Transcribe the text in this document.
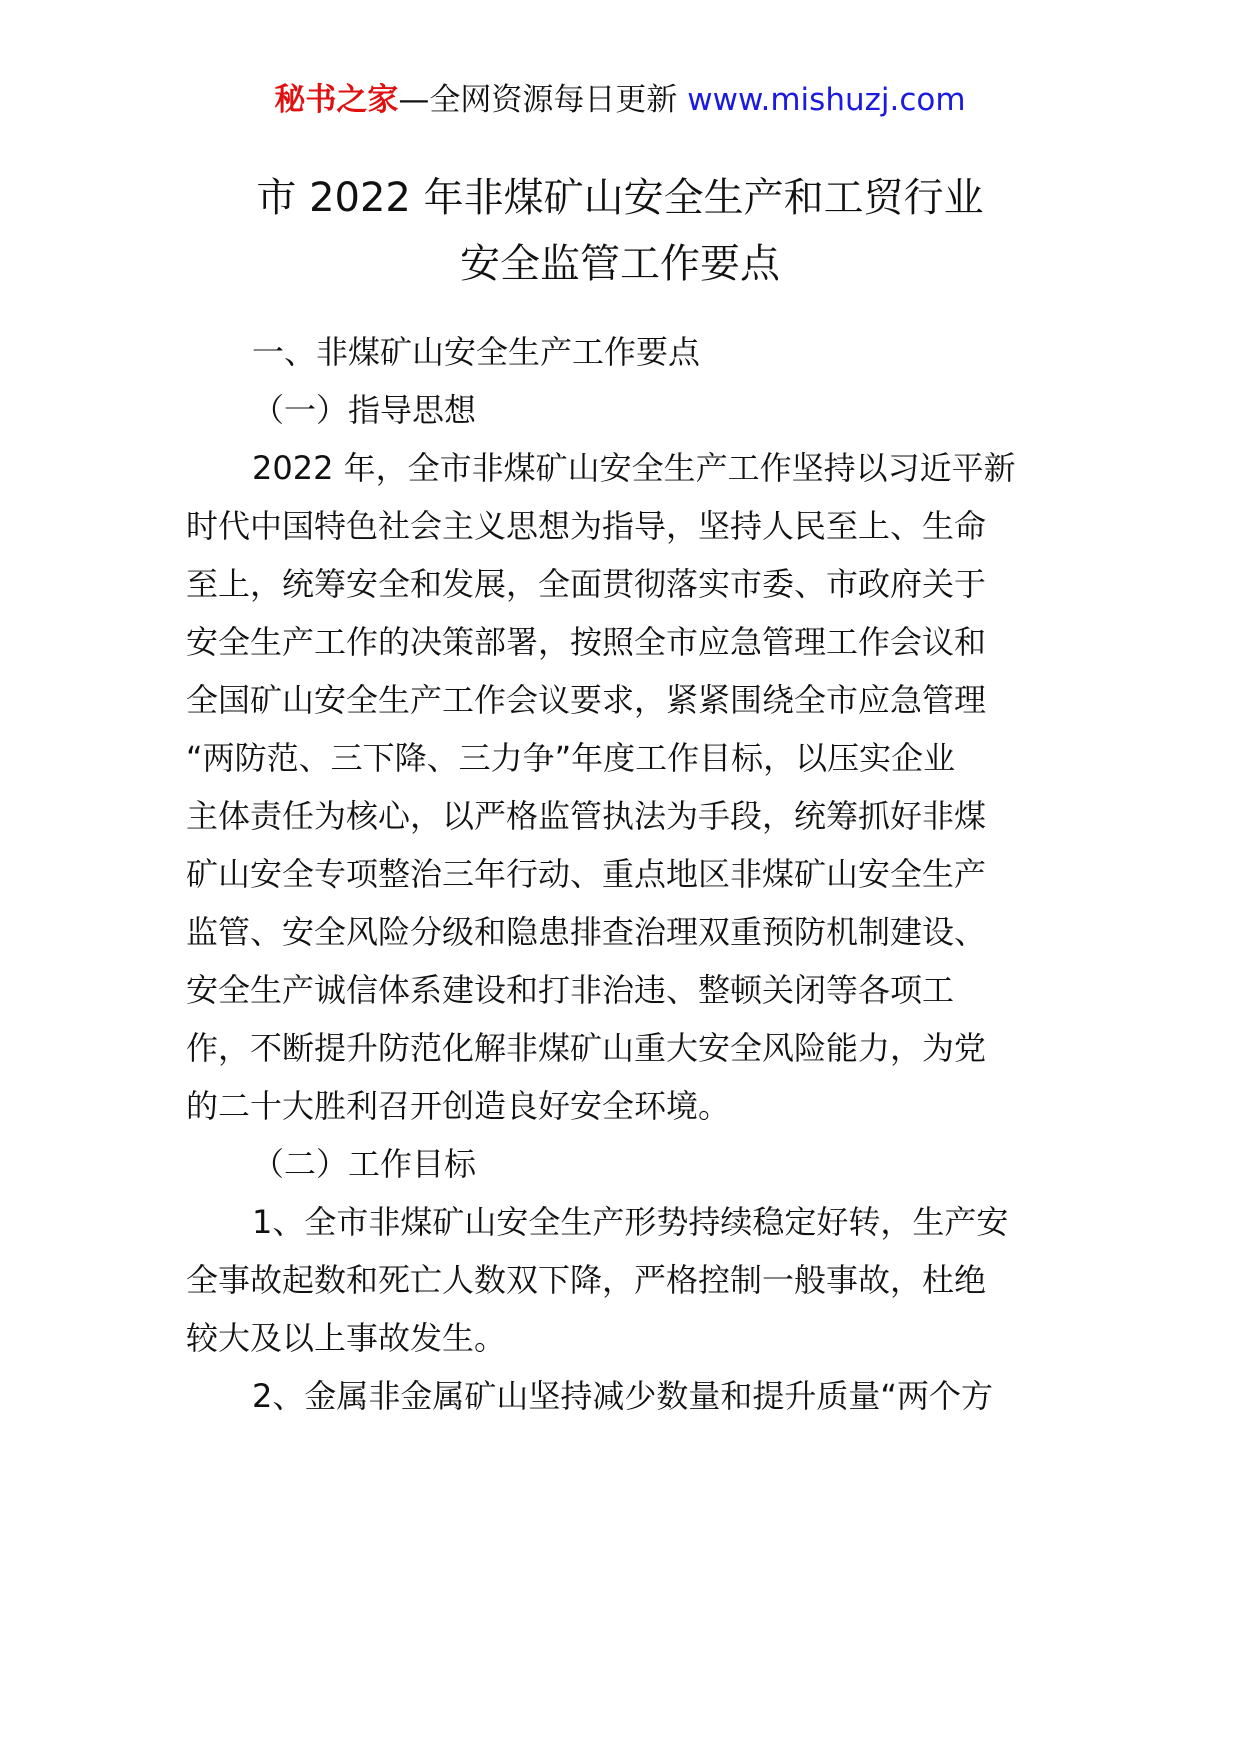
秘书之家—全网资源每日更新 www.mishuzj.com
市 2022 年非煤矿山安全生产和工贸行业
安全监管工作要点
一、非煤矿山安全生产工作要点
（一）指导思想
2022 年，全市非煤矿山安全生产工作坚持以习近平新
时代中国特色社会主义思想为指导，坚持人民至上、生命
至上，统筹安全和发展，全面贯彻落实市委、市政府关于
安全生产工作的决策部署，按照全市应急管理工作会议和
全国矿山安全生产工作会议要求，紧紧围绕全市应急管理
“两防范、三下降、三力争”年度工作目标，以压实企业
主体责任为核心，以严格监管执法为手段，统筹抓好非煤
矿山安全专项整治三年行动、重点地区非煤矿山安全生产
监管、安全风险分级和隐患排查治理双重预防机制建设、
安全生产诚信体系建设和打非治违、整顿关闭等各项工
作，不断提升防范化解非煤矿山重大安全风险能力，为党
的二十大胜利召开创造良好安全环境。
（二）工作目标
1、全市非煤矿山安全生产形势持续稳定好转，生产安
全事故起数和死亡人数双下降，严格控制一般事故，杜绝
较大及以上事故发生。
2、金属非金属矿山坚持减少数量和提升质量“两个方
